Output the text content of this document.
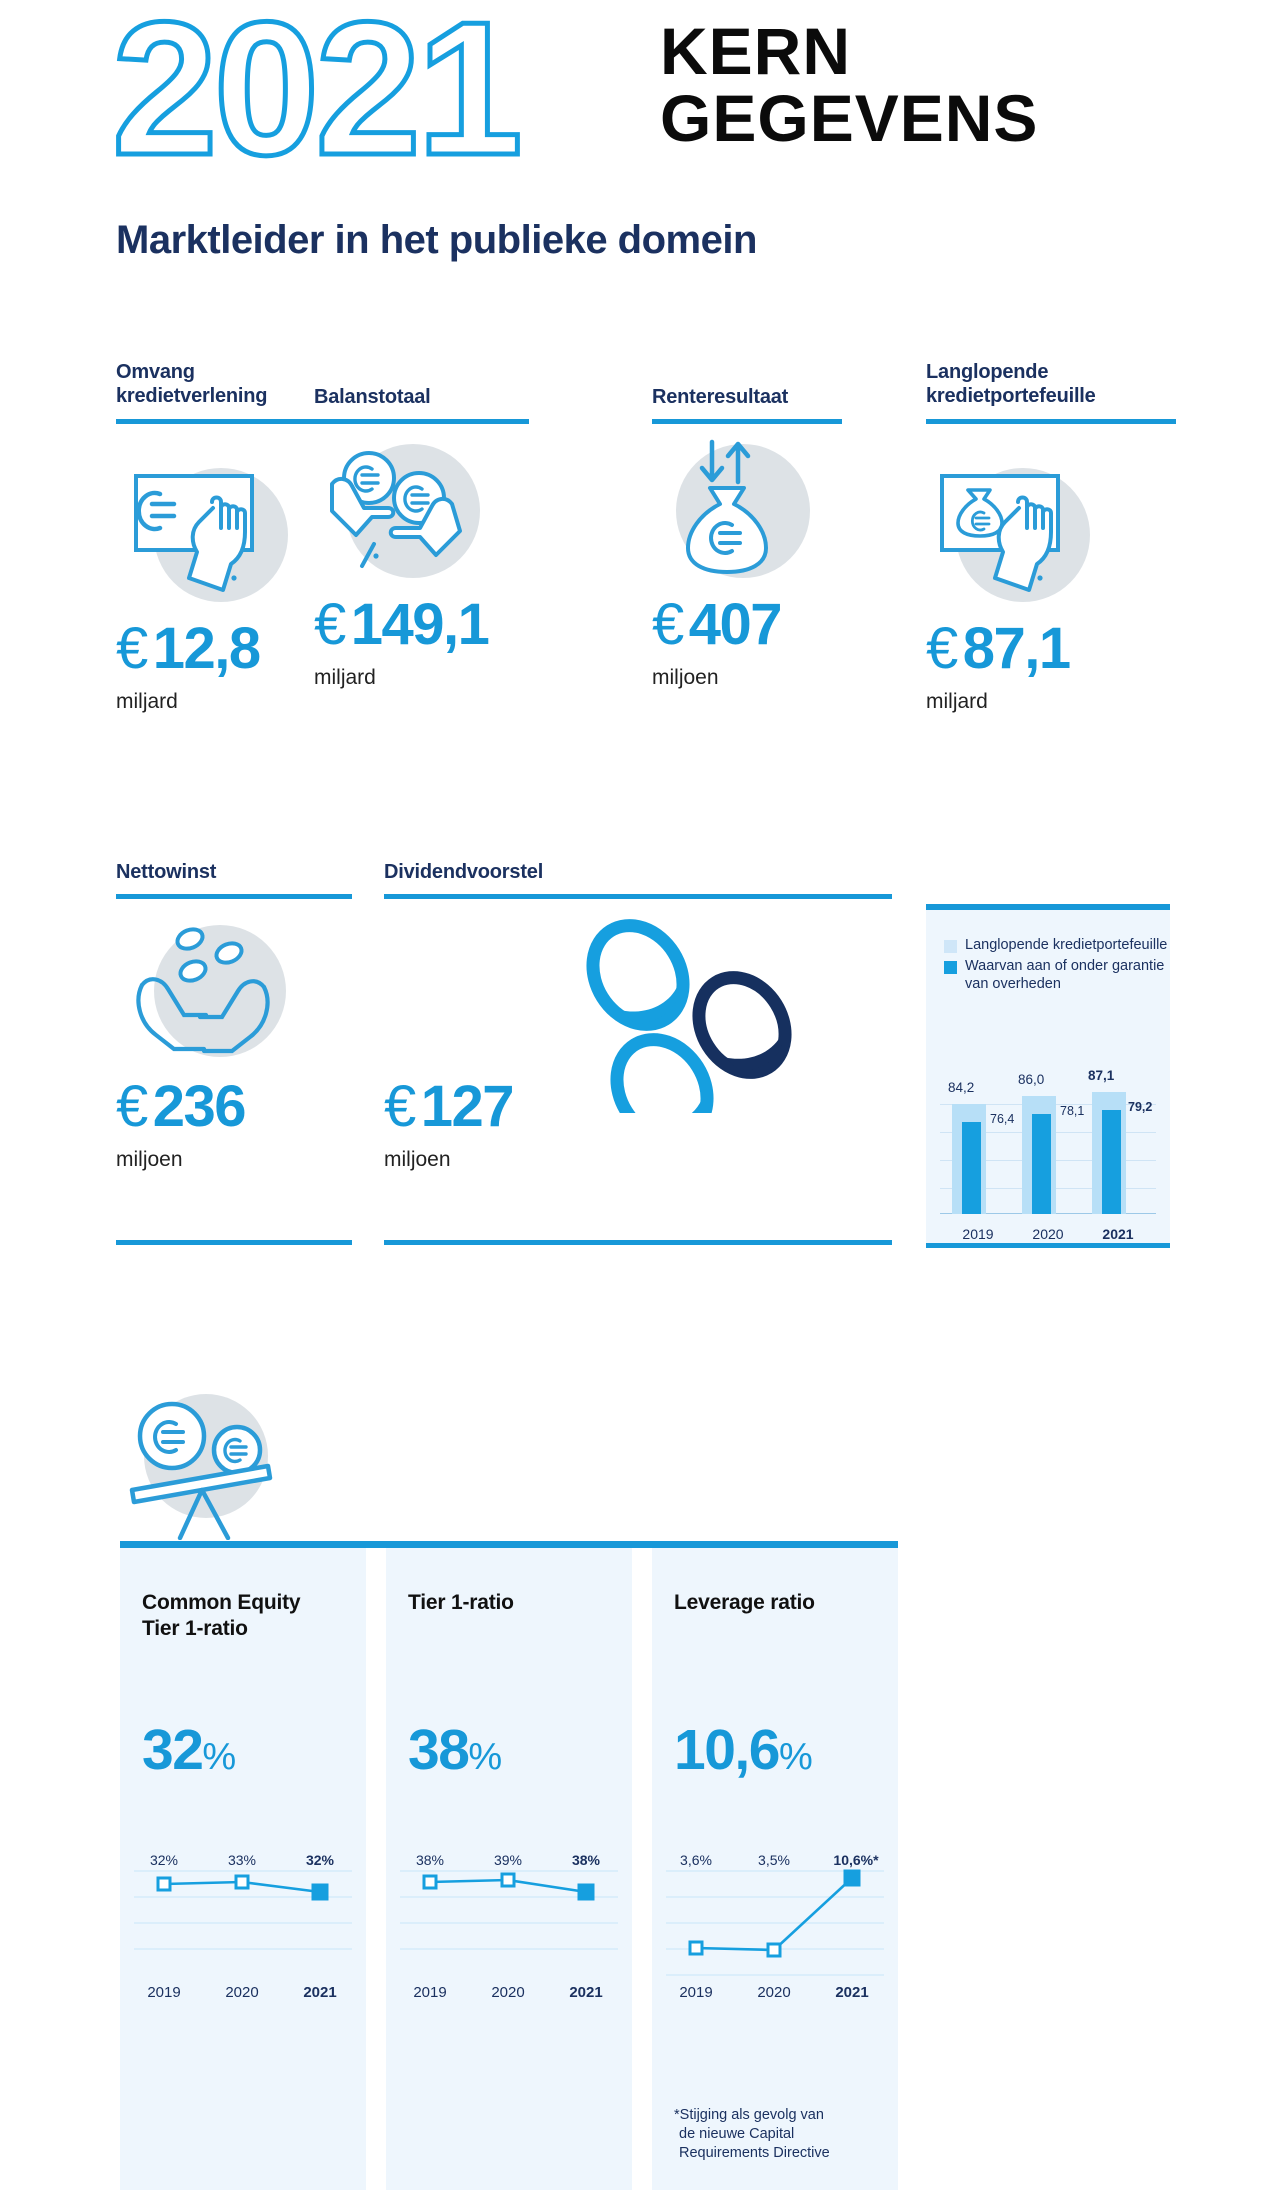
2021 KERN
GEGEVENS
Marktleider in het publieke domein
Omvang
kredietverlening
€ 12,8
miljard
Balanstotaal
€ 149,1
miljard
Renteresultaat
€ 407
miljoen
Langlopende
kredietportefeuille
€ 87,1
miljard
Nettowinst
€ 236
miljoen
Dividendvoorstel
€ 127
miljoen
Langlopende kredietportefeuille
Waarvan aan of onder garantie van overheden
84,2
76,4
2019
86,0
78,1
2020
87,1
79,2
2021
Common Equity
Tier 1-ratio
32%
32%	33%	32%
2019	2020	2021
Tier 1-ratio
38%
38%	39%	38%
2019	2020	2021
Leverage ratio
10,6%
3,6%	3,5%	10,6%*
2019	2020	2021
*Stijging als gevolg van
de nieuwe Capital
Requirements Directive
